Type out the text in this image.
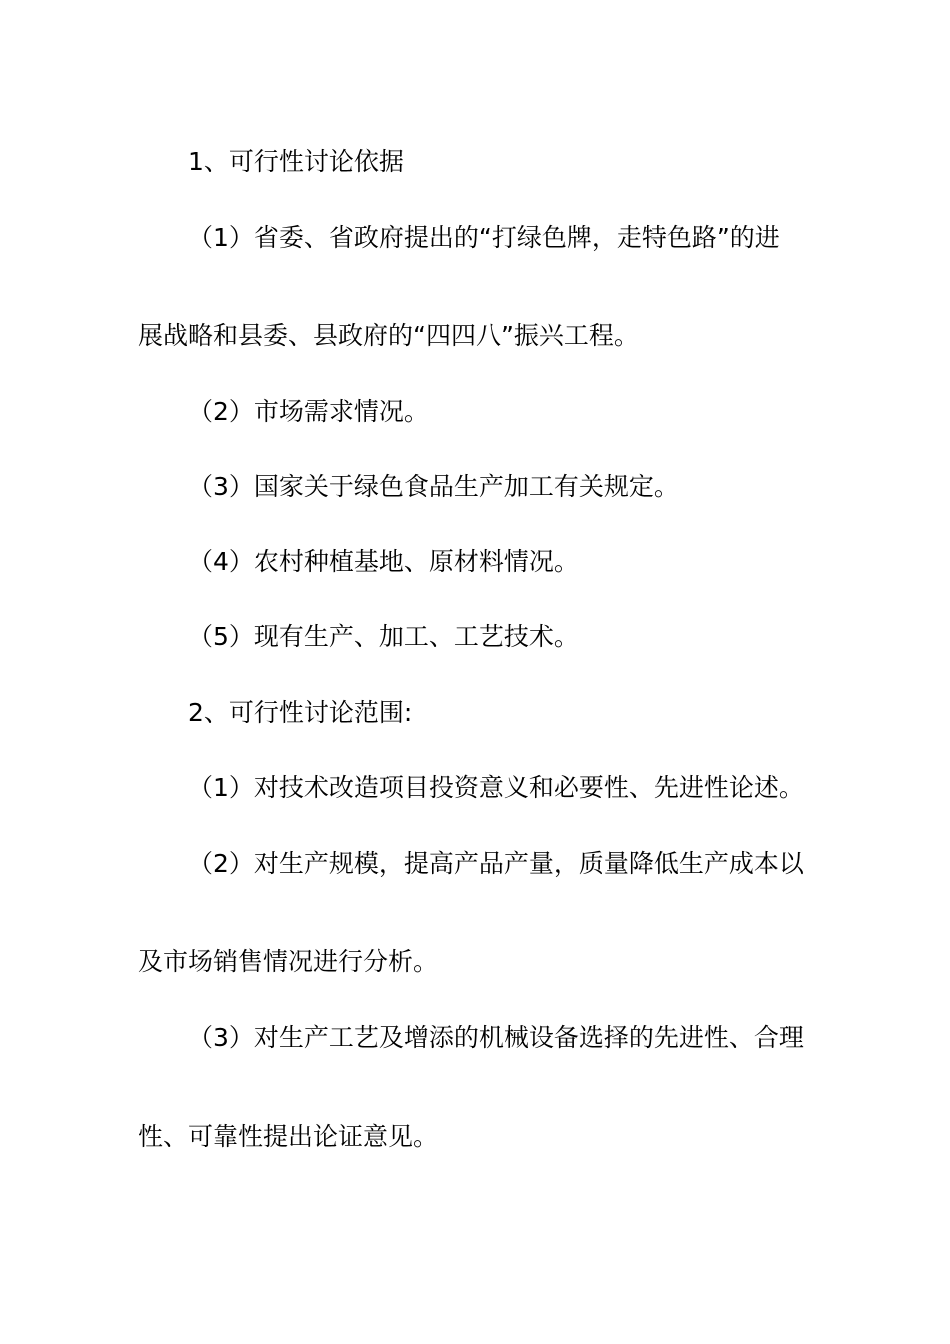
1、可行性讨论依据
（1）省委、省政府提出的“打绿色牌，走特色路”的进
展战略和县委、县政府的“四四八”振兴工程。
（2）市场需求情况。
（3）国家关于绿色食品生产加工有关规定。
（4）农村种植基地、原材料情况。
（5）现有生产、加工、工艺技术。
2、可行性讨论范围:
（1）对技术改造项目投资意义和必要性、先进性论述。
（2）对生产规模，提高产品产量，质量降低生产成本以
及市场销售情况进行分析。
（3）对生产工艺及增添的机械设备选择的先进性、合理
性、可靠性提出论证意见。
